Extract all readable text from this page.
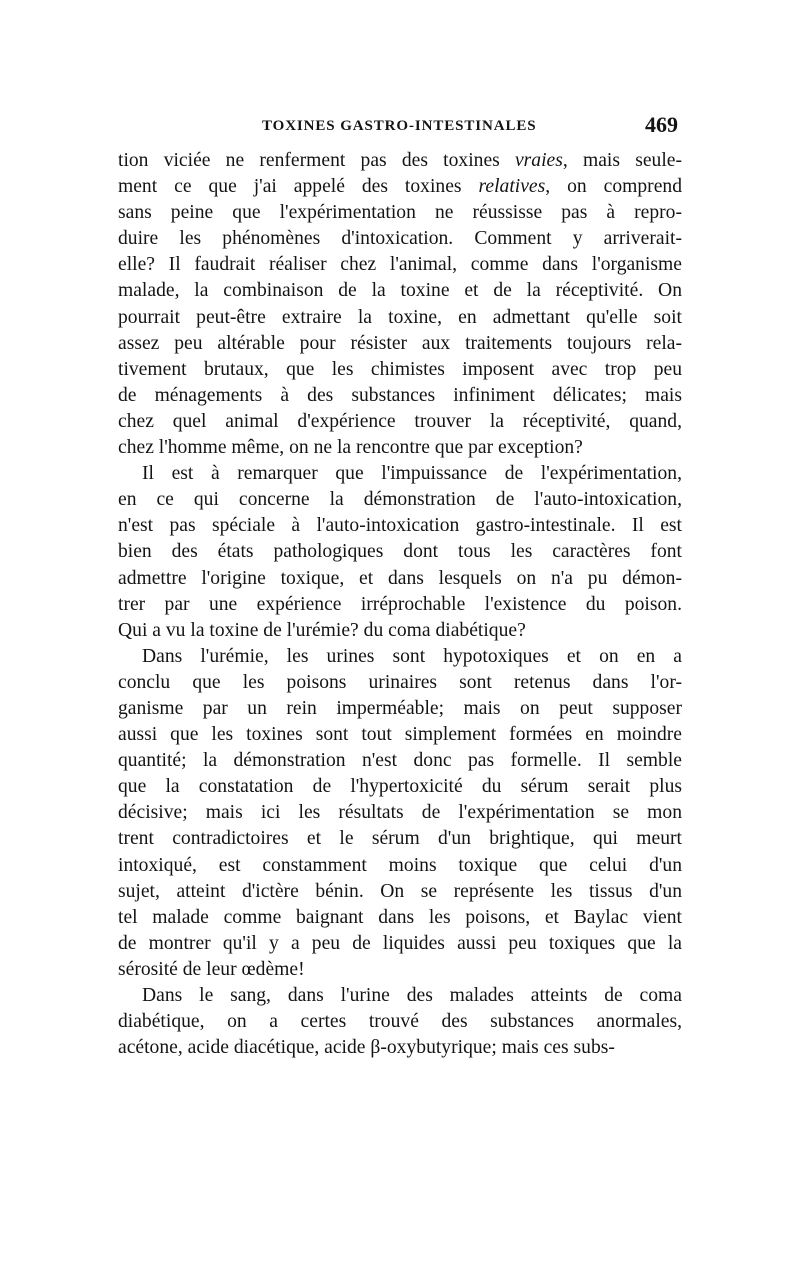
TOXINES GASTRO-INTESTINALES	469
tion viciée ne renferment pas des toxines vraies, mais seule-
ment ce que j'ai appelé des toxines relatives, on comprend
sans peine que l'expérimentation ne réussisse pas à repro-
duire les phénomènes d'intoxication. Comment y arriverait-
elle? Il faudrait réaliser chez l'animal, comme dans l'organisme
malade, la combinaison de la toxine et de la réceptivité. On
pourrait peut-être extraire la toxine, en admettant qu'elle soit
assez peu altérable pour résister aux traitements toujours rela-
tivement brutaux, que les chimistes imposent avec trop peu
de ménagements à des substances infiniment délicates; mais
chez quel animal d'expérience trouver la réceptivité, quand,
chez l'homme même, on ne la rencontre que par exception?
Il est à remarquer que l'impuissance de l'expérimentation,
en ce qui concerne la démonstration de l'auto-intoxication,
n'est pas spéciale à l'auto-intoxication gastro-intestinale. Il est
bien des états pathologiques dont tous les caractères font
admettre l'origine toxique, et dans lesquels on n'a pu démon-
trer par une expérience irréprochable l'existence du poison.
Qui a vu la toxine de l'urémie? du coma diabétique?
Dans l'urémie, les urines sont hypotoxiques et on en a
conclu que les poisons urinaires sont retenus dans l'or-
ganisme par un rein imperméable; mais on peut supposer
aussi que les toxines sont tout simplement formées en moindre
quantité; la démonstration n'est donc pas formelle. Il semble
que la constatation de l'hypertoxicité du sérum serait plus
décisive; mais ici les résultats de l'expérimentation se mon
trent contradictoires et le sérum d'un brightique, qui meurt
intoxiqué, est constamment moins toxique que celui d'un
sujet, atteint d'ictère bénin. On se représente les tissus d'un
tel malade comme baignant dans les poisons, et Baylac vient
de montrer qu'il y a peu de liquides aussi peu toxiques que la
sérosité de leur œdème!
Dans le sang, dans l'urine des malades atteints de coma
diabétique, on a certes trouvé des substances anormales,
acétone, acide diacétique, acide β-oxybutyrique; mais ces subs-
